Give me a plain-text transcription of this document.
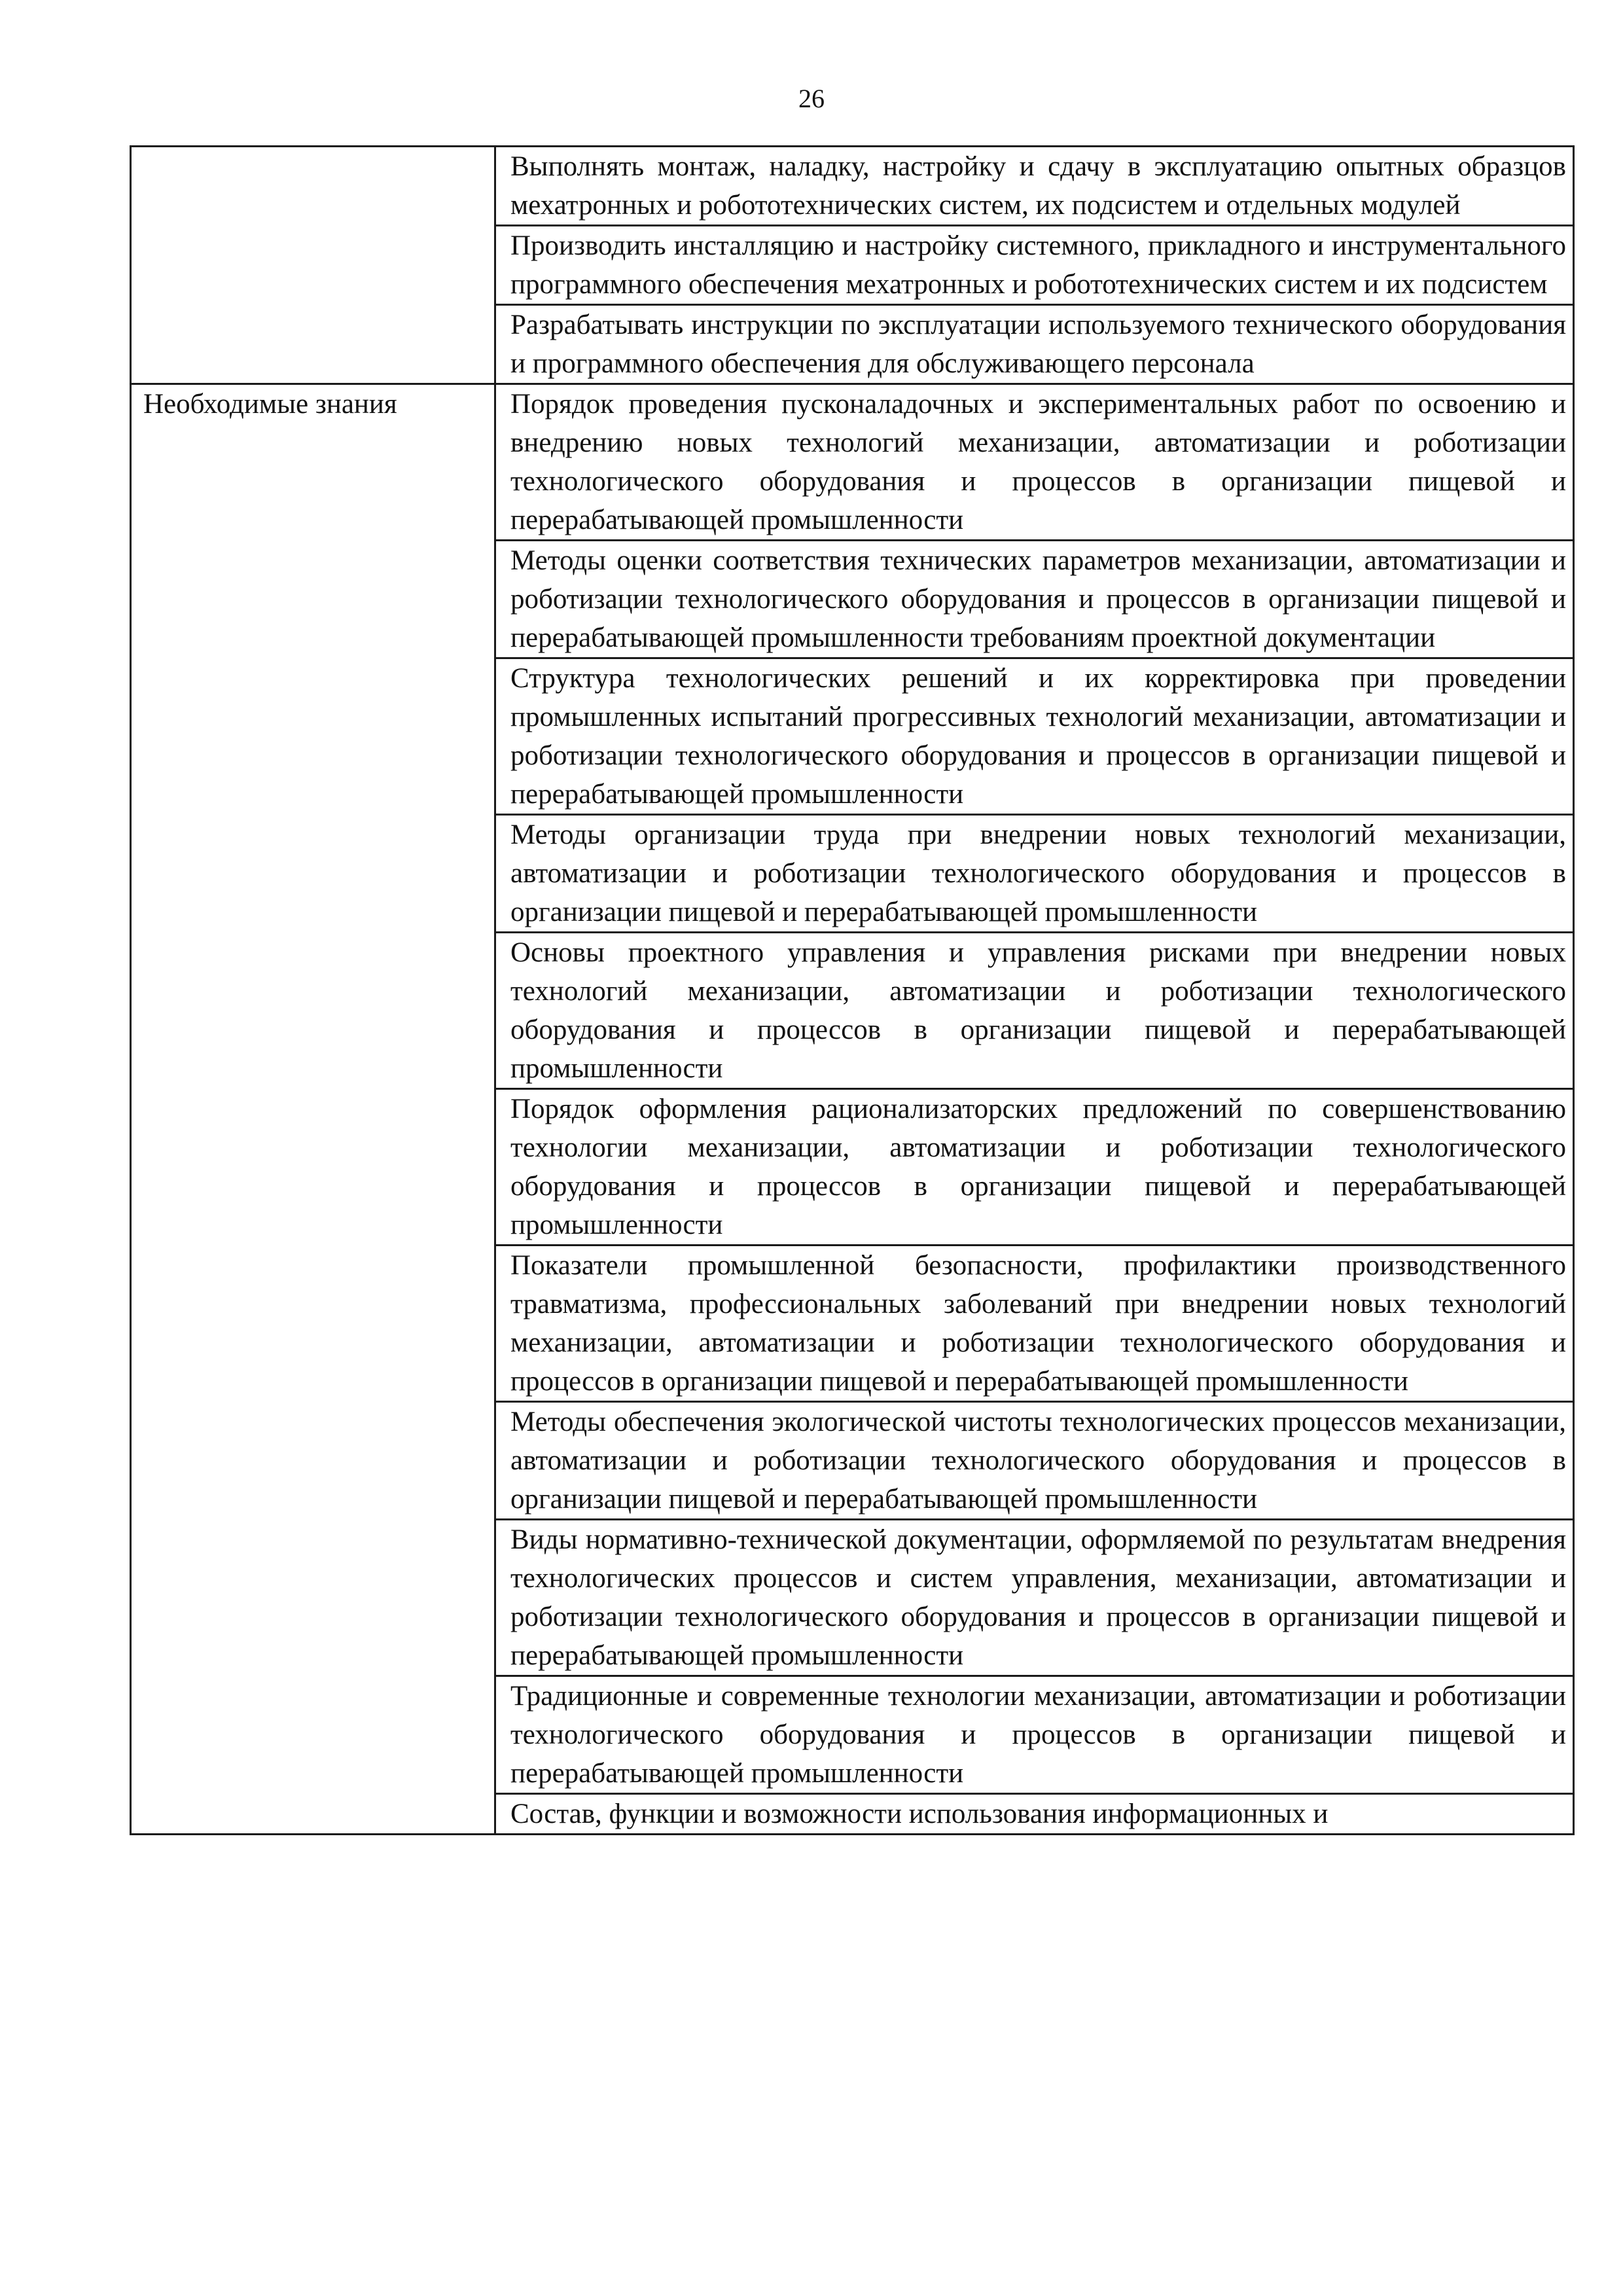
26
	Выполнять монтаж, наладку, настройку и сдачу в эксплуатацию опытных образцов мехатронных и робототехнических систем, их подсистем и отдельных модулей
	Производить инсталляцию и настройку системного, прикладного и инструментального программного обеспечения мехатронных и робототехнических систем и их подсистем
	Разрабатывать инструкции по эксплуатации используемого технического оборудования и программного обеспечения для обслуживающего персонала
Необходимые знания	Порядок проведения пусконаладочных и экспериментальных работ по освоению и внедрению новых технологий механизации, автоматизации и роботизации технологического оборудования и процессов в организации пищевой и перерабатывающей промышленности
	Методы оценки соответствия технических параметров механизации, автоматизации и роботизации технологического оборудования и процессов в организации пищевой и перерабатывающей промышленности требованиям проектной документации
	Структура технологических решений и их корректировка при проведении промышленных испытаний прогрессивных технологий механизации, автоматизации и роботизации технологического оборудования и процессов в организации пищевой и перерабатывающей промышленности
	Методы организации труда при внедрении новых технологий механизации, автоматизации и роботизации технологического оборудования и процессов в организации пищевой и перерабатывающей промышленности
	Основы проектного управления и управления рисками при внедрении новых технологий механизации, автоматизации и роботизации технологического оборудования и процессов в организации пищевой и перерабатывающей промышленности
	Порядок оформления рационализаторских предложений по совершенствованию технологии механизации, автоматизации и роботизации технологического оборудования и процессов в организации пищевой и перерабатывающей промышленности
	Показатели промышленной безопасности, профилактики производственного травматизма, профессиональных заболеваний при внедрении новых технологий механизации, автоматизации и роботизации технологического оборудования и процессов в организации пищевой и перерабатывающей промышленности
	Методы обеспечения экологической чистоты технологических процессов механизации, автоматизации и роботизации технологического оборудования и процессов в организации пищевой и перерабатывающей промышленности
	Виды нормативно-технической документации, оформляемой по результатам внедрения технологических процессов и систем управления, механизации, автоматизации и роботизации технологического оборудования и процессов в организации пищевой и перерабатывающей промышленности
	Традиционные и современные технологии механизации, автоматизации и роботизации технологического оборудования и процессов в организации пищевой и перерабатывающей промышленности
	Состав, функции и возможности использования информационных и
